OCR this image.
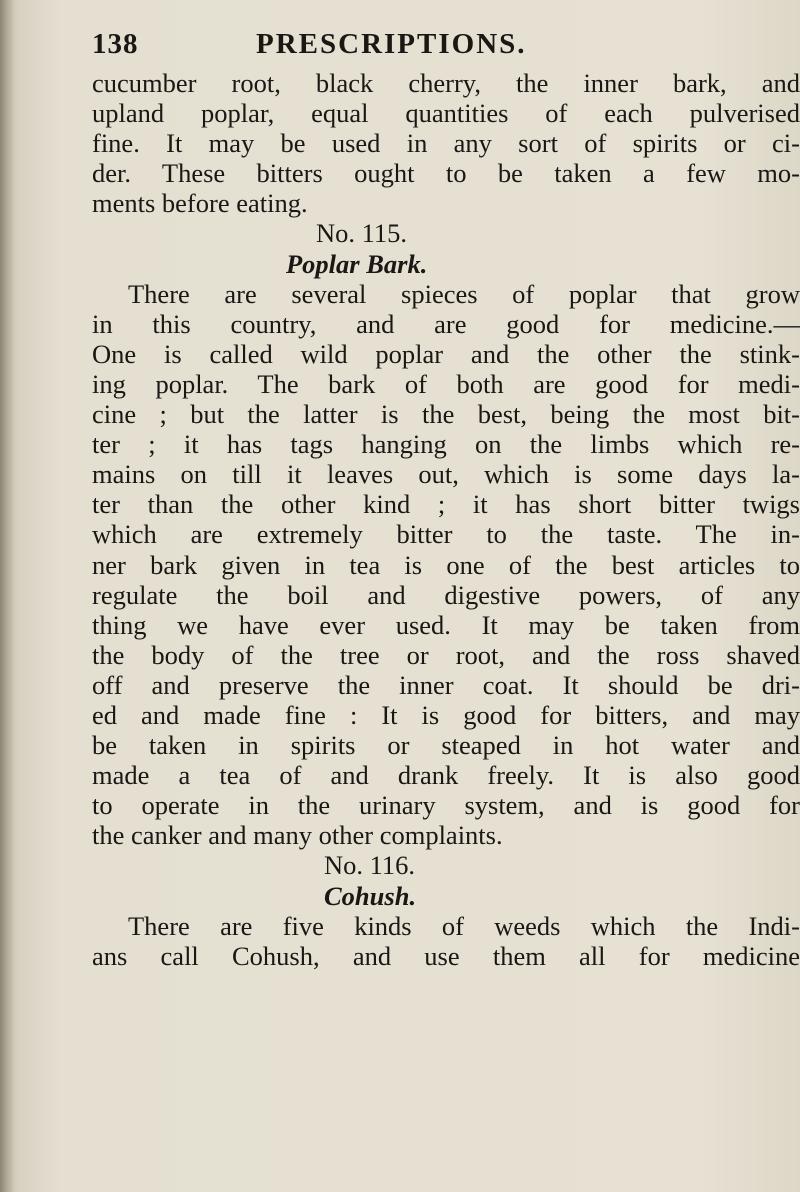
138	PRESCRIPTIONS.
cucumber root, black cherry, the inner bark, and
upland poplar, equal quantities of each pulverised
fine. It may be used in any sort of spirits or ci-
der. These bitters ought to be taken a few mo-
ments before eating.
No. 115.
Poplar Bark.
There are several spieces of poplar that grow
in this country, and are good for medicine.—
One is called wild poplar and the other the stink-
ing poplar. The bark of both are good for medi-
cine ; but the latter is the best, being the most bit-
ter ; it has tags hanging on the limbs which re-
mains on till it leaves out, which is some days la-
ter than the other kind ; it has short bitter twigs
which are extremely bitter to the taste. The in-
ner bark given in tea is one of the best articles to
regulate the boil and digestive powers, of any
thing we have ever used. It may be taken from
the body of the tree or root, and the ross shaved
off and preserve the inner coat. It should be dri-
ed and made fine : It is good for bitters, and may
be taken in spirits or steaped in hot water and
made a tea of and drank freely. It is also good
to operate in the urinary system, and is good for
the canker and many other complaints.
No. 116.
Cohush.
There are five kinds of weeds which the Indi-
ans call Cohush, and use them all for medicine
